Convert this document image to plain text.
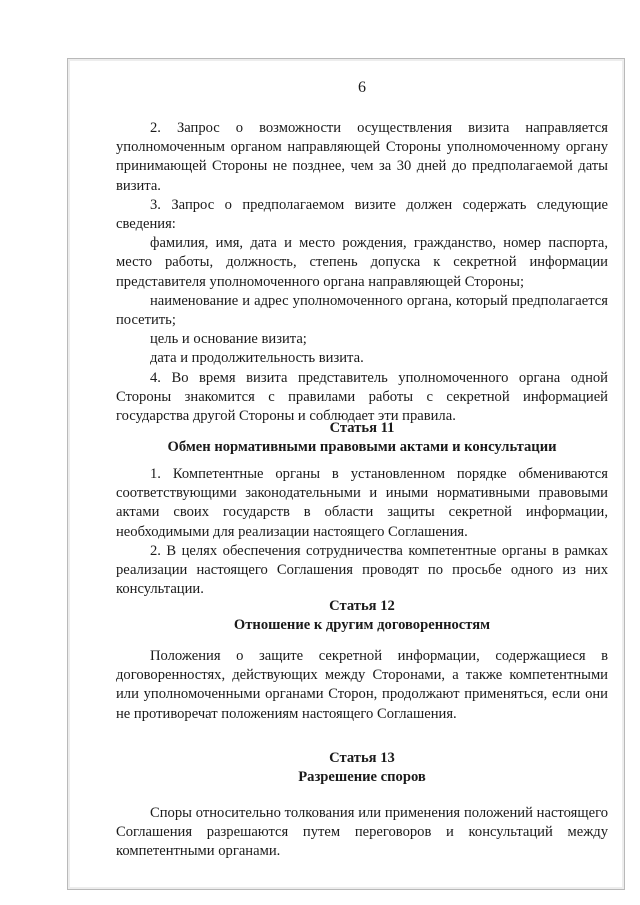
6

2. Запрос о возможности осуществления визита направляется уполномоченным органом направляющей Стороны уполномоченному органу принимающей Стороны не позднее, чем за 30 дней до предполагаемой даты визита.

3. Запрос о предполагаемом визите должен содержать следующие сведения:

фамилия, имя, дата и место рождения, гражданство, номер паспорта, место работы, должность, степень допуска к секретной информации представителя уполномоченного органа направляющей Стороны;

наименование и адрес уполномоченного органа, который предполагается посетить;

цель и основание визита;

дата и продолжительность визита.

4. Во время визита представитель уполномоченного органа одной Стороны знакомится с правилами работы с секретной информацией государства другой Стороны и соблюдает эти правила.

Статья 11

Обмен нормативными правовыми актами и консультации

1. Компетентные органы в установленном порядке обмениваются соответствующими законодательными и иными нормативными правовыми актами своих государств в области защиты секретной информации, необходимыми для реализации настоящего Соглашения.

2. В целях обеспечения сотрудничества компетентные органы в рамках реализации настоящего Соглашения проводят по просьбе одного из них консультации.

Статья 12

Отношение к другим договоренностям

Положения о защите секретной информации, содержащиеся в договоренностях, действующих между Сторонами, а также компетентными или уполномоченными органами Сторон, продолжают применяться, если они не противоречат положениям настоящего Соглашения.

Статья 13

Разрешение споров

Споры относительно толкования или применения положений настоящего Соглашения разрешаются путем переговоров и консультаций между компетентными органами.
